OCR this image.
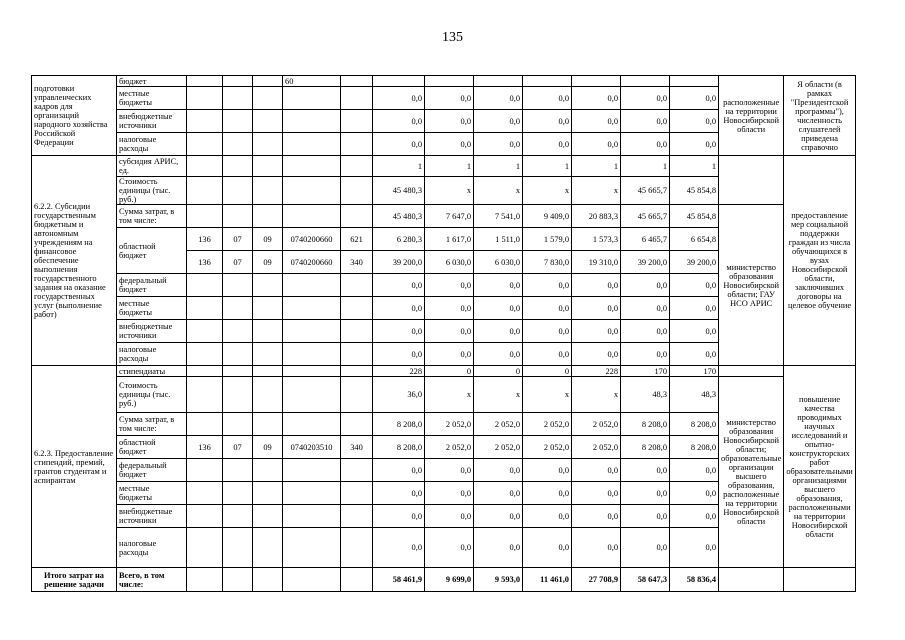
135
подготовки управленческих кадров для организаций народного хозяйства Российской Федерации	бюджет				60									расположенные на территории Новосибирской области	Я области (в рамках "Президентской программы"), численность слушателей приведена справочно
	местные бюджеты						0,0	0,0	0,0	0,0	0,0	0,0	0,0		
	внебюджетные источники						0,0	0,0	0,0	0,0	0,0	0,0	0,0		
	налоговые расходы						0,0	0,0	0,0	0,0	0,0	0,0	0,0		
6.2.2. Субсидии государственным бюджетным и автономным учреждениям на финансовое обеспечение выполнения государственного задания на оказание государственных услуг (выполнение работ)	субсидия АРИС, ед.						1	1	1	1	1	1	1		предоставление мер социальной поддержки граждан из числа обучающихся в вузах Новосибирской области, заключивших договоры на целевое обучение
	Стоимость единицы (тыс. руб.)						45 480,3	x	x	x	x	45 665,7	45 854,8		
	Сумма затрат, в том числе:						45 480,3	7 647,0	7 541,0	9 409,0	20 883,3	45 665,7	45 854,8	министерство образования Новосибирской области; ГАУ НСО АРИС	
	областной бюджет	136	07	09	0740200660	621	6 280,3	1 617,0	1 511,0	1 579,0	1 573,3	6 465,7	6 654,8		
		136	07	09	0740200660	340	39 200,0	6 030,0	6 030,0	7 830,0	19 310,0	39 200,0	39 200,0		
	федеральный бюджет						0,0	0,0	0,0	0,0	0,0	0,0	0,0		
	местные бюджеты						0,0	0,0	0,0	0,0	0,0	0,0	0,0		
	внебюджетные источники						0,0	0,0	0,0	0,0	0,0	0,0	0,0		
	налоговые расходы						0,0	0,0	0,0	0,0	0,0	0,0	0,0		
6.2.3. Предоставление стипендий, премий, грантов студентам и аспирантам	стипендиаты						228	0	0	0	228	170	170		повышение качества проводимых научных исследований и опытно-конструкторских работ образовательными организациями высшего образования, расположенными на территории Новосибирской области
	Стоимость единицы (тыс. руб.)						36,0	x	x	x	x	48,3	48,3	министерство образования Новосибирской области; образовательные организации высшего образования, расположенные на территории Новосибирской области	
	Сумма затрат, в том числе:						8 208,0	2 052,0	2 052,0	2 052,0	2 052,0	8 208,0	8 208,0		
	областной бюджет	136	07	09	0740203510	340	8 208,0	2 052,0	2 052,0	2 052,0	2 052,0	8 208,0	8 208,0		
	федеральный бюджет						0,0	0,0	0,0	0,0	0,0	0,0	0,0		
	местные бюджеты						0,0	0,0	0,0	0,0	0,0	0,0	0,0		
	внебюджетные источники						0,0	0,0	0,0	0,0	0,0	0,0	0,0		
	налоговые расходы						0,0	0,0	0,0	0,0	0,0	0,0	0,0		
Итого затрат на решение задачи	Всего, в том числе:						58 461,9	9 699,0	9 593,0	11 461,0	27 708,9	58 647,3	58 836,4		
